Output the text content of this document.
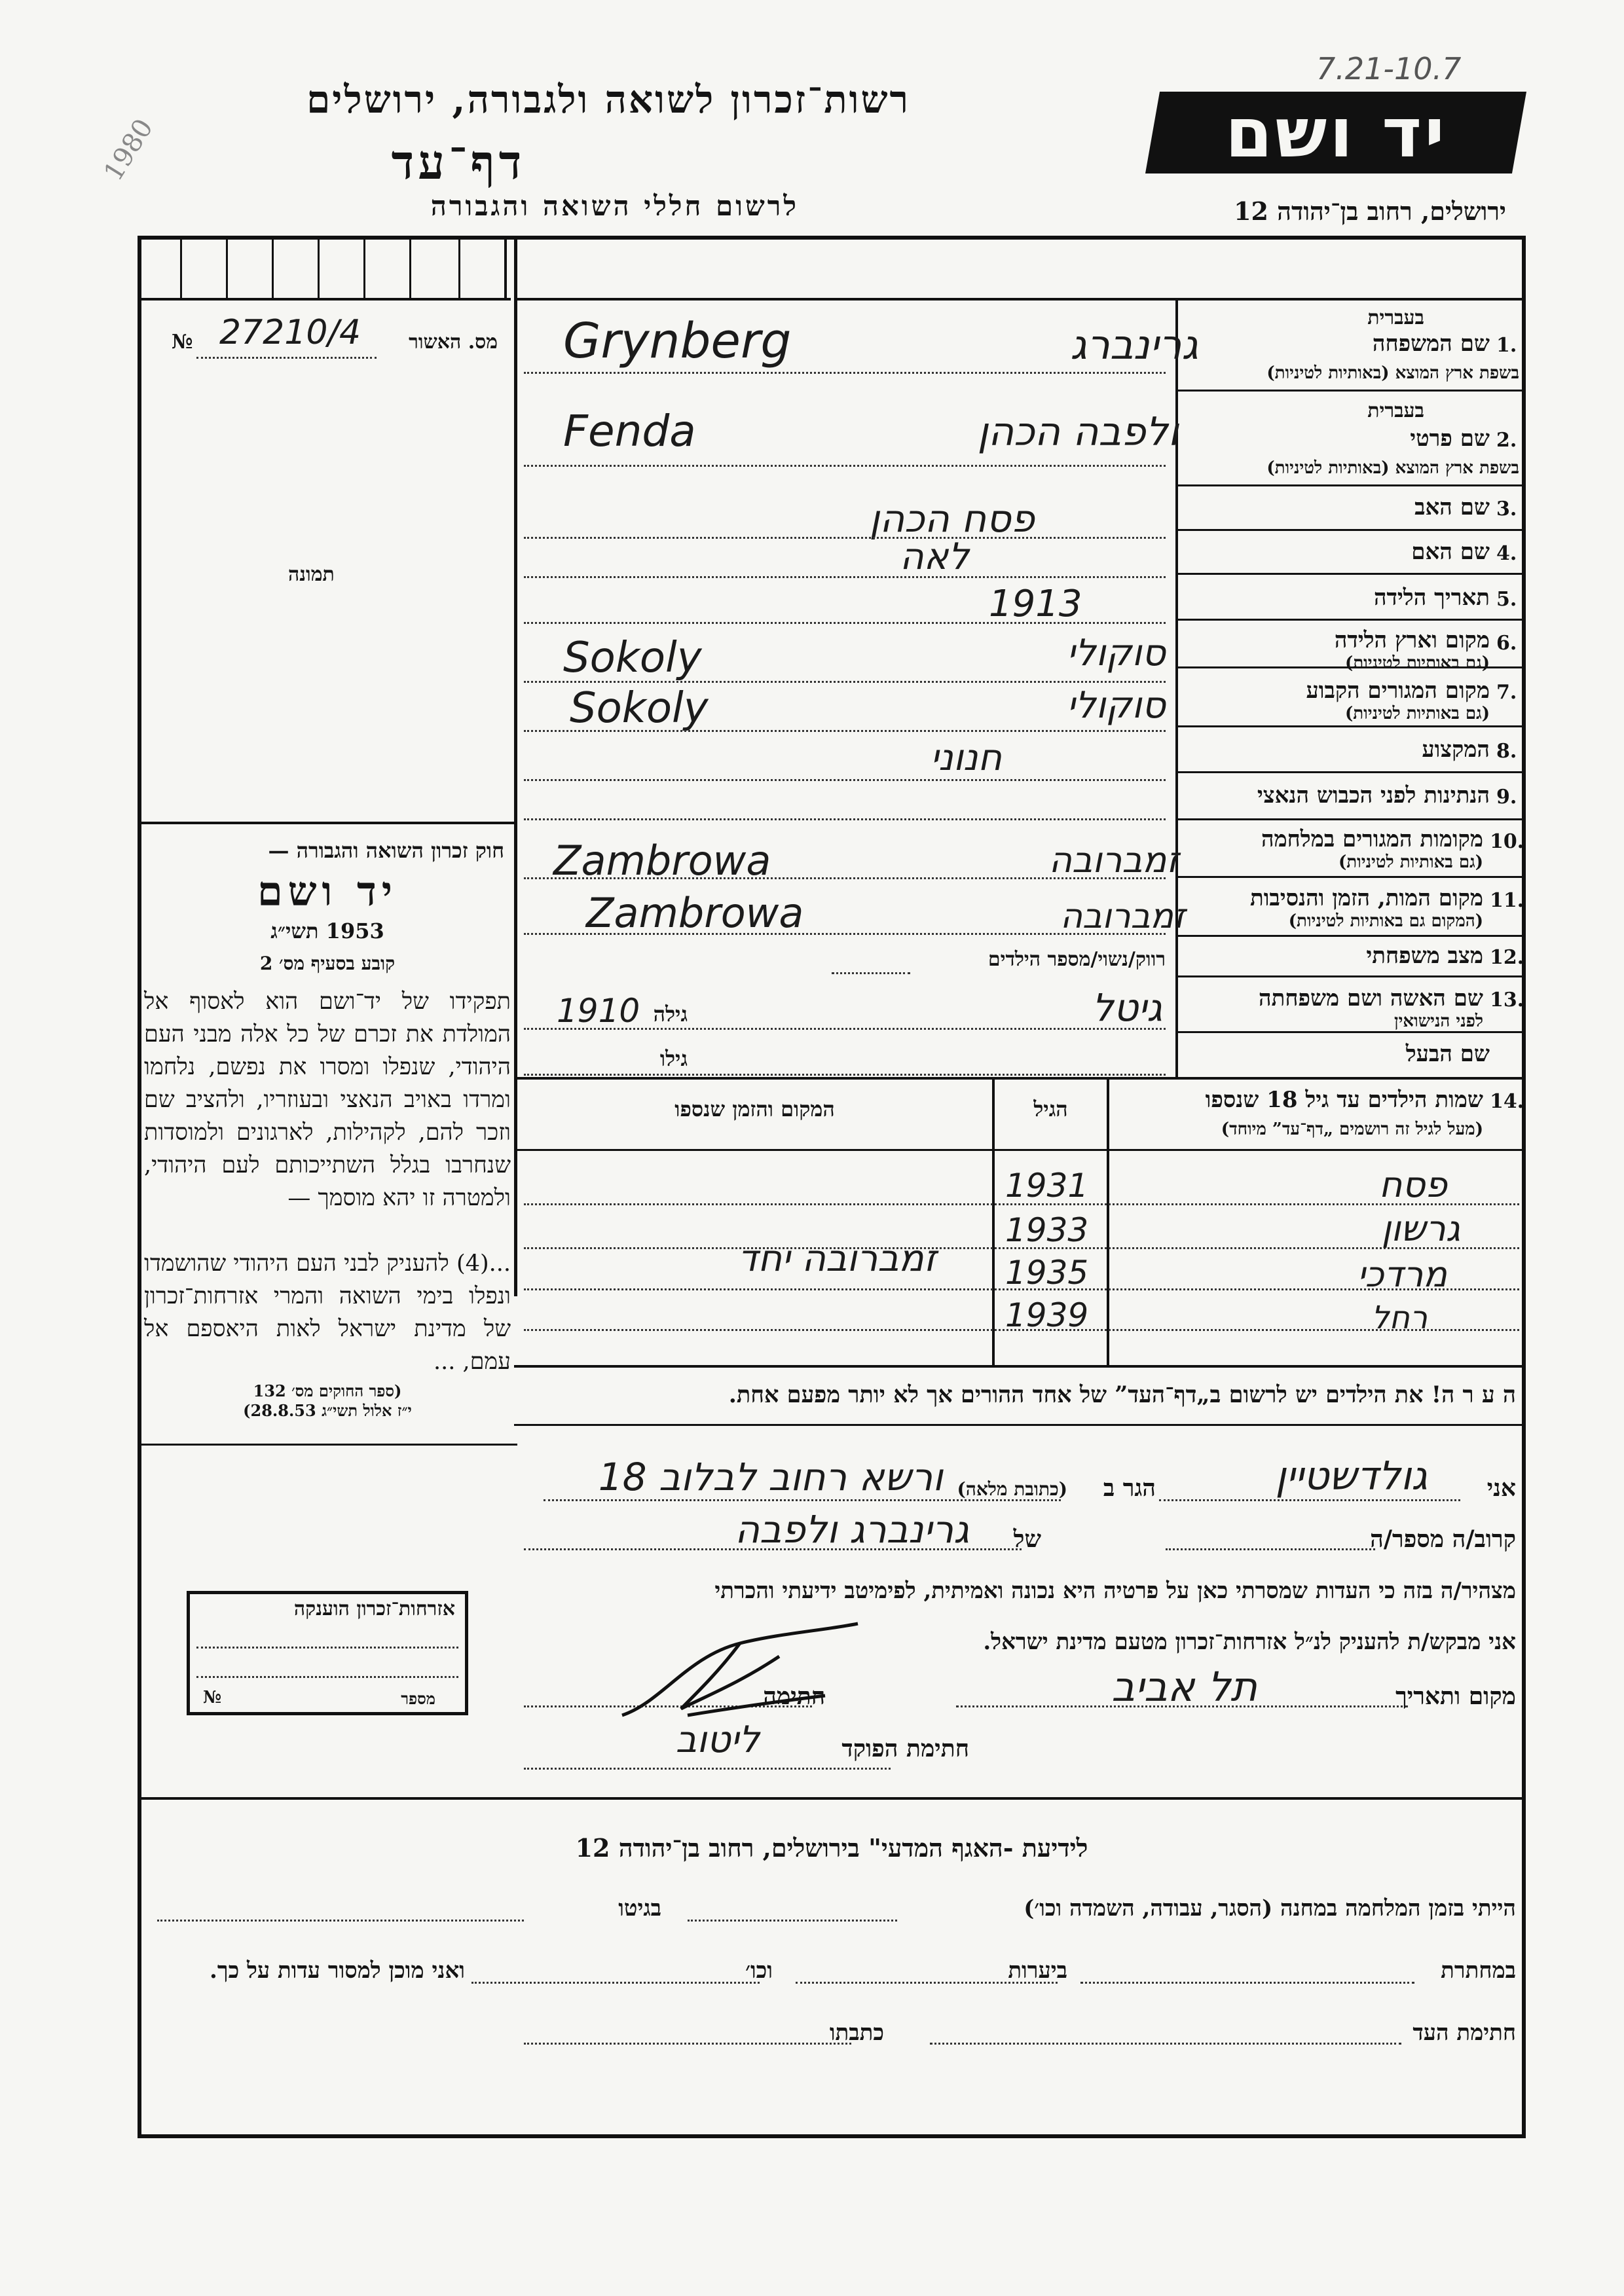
רשות־זכרון לשואה ולגבורה, ירושלים
דף־עד
לרשום חללי השואה והגבורה
1980	יד ושם
7.21-10.7
ירושלים, רחוב בן־יהודה 12
מס. האשור
№ 27210/4
תמונה
חוק זכרון השואה והגבורה —
יד ושם
1953 תשי״ג
קובע בסעיף מס׳ 2
תפקידו של יד־ושם הוא לאסוף אל המולדת את זכרם של כל אלה מבני העם היהודי, שנפלו ומסרו את נפשם, נלחמו ומרדו באויב הנאצי ובעוזריו, ולהציב שם וזכר להם, לקהילות, לארגונים ולמוסדות שנחרבו בגלל השתייכותם לעם היהודי, ולמטרה זו יהא מוסמך —
...(4) להעניק לבני העם היהודי שהושמדו ונפלו בימי השואה והמרי אזרחות־זכרון של מדינת ישראל לאות היאספם אל עמם, ...
(ספר החוקים מס׳ 132
י״ז אלול תשי״ג 28.8.53)
אזרחות־זכרון הוענקה
מספר
№
בעברית
1.
שם המשפחה
בשפת ארץ המוצא (באותיות לטיניות)
Grynberg	גרינברג
בעברית
2.
שם פרטי
בשפת ארץ המוצא (באותיות לטיניות)
Fenda	ולפבה הכהן
3.
שם האב
פסח הכהן
4.
שם האם
לאה
5.
תאריך הלידה
1913
6.
מקום וארץ הלידה
(גם באותיות לטיניות)
Sokoly	סוקולי
7.
מקום המגורים הקבוע
(גם באותיות לטיניות)
Sokoly	סוקולי
8.
המקצוע
חנוני
9.
הנתינות לפני הכבוש הנאצי
10.
מקומות המגורים במלחמה
(גם באותיות לטיניות)
Zambrowa	זמברובה
11.
מקום המות, הזמן והנסיבות
(המקום גם באותיות לטיניות)
Zambrowa	זמברובה
12.
מצב משפחתי
רווק/נשוי/מספר הילדים
13.
שם האשה ושם משפחתה
לפני הנישואין
גילה
1910	גיטל
שם הבעל
גילו
14.
שמות הילדים עד גיל 18 שנספו
(מעל לגיל זה רושמים „דף־עד” מיוחד)
הגיל
המקום והזמן שנספו
פסח
1931
גרשון
1933
מרדכי
1935
רחל
1939
זמברובה יחד
ה ע ר ה! את הילדים יש לרשום ב„דף־העד” של אחד ההורים אך לא יותר מפעם אחת.
אני
גולדשטיין
הגר ב
(כתובת מלאה)
ורשא רחוב לבלוב 18
קרוב/ה מספר/ה
של
גרינברג ולפבה
מצהיר/ה בזה כי העדות שמסרתי כאן על פרטיה היא נכונה ואמיתית, לפימיטב ידיעתי והכרתי
אני מבקש/ת להעניק לנ״ל אזרחות־זכרון מטעם מדינת ישראל.
מקום ותאריך
תל אביב
חתימה
חתימת הפוקד
ליטוב
לידיעת -האגף המדעי" בירושלים, רחוב בן־יהודה 12
הייתי בזמן המלחמה במחנה (הסגר, עבודה, השמדה וכו׳)
בגיטו
במחתרת
ביערות
וכו׳
ואני מוכן למסור עדות על כך.
חתימת העד
כתבתו
